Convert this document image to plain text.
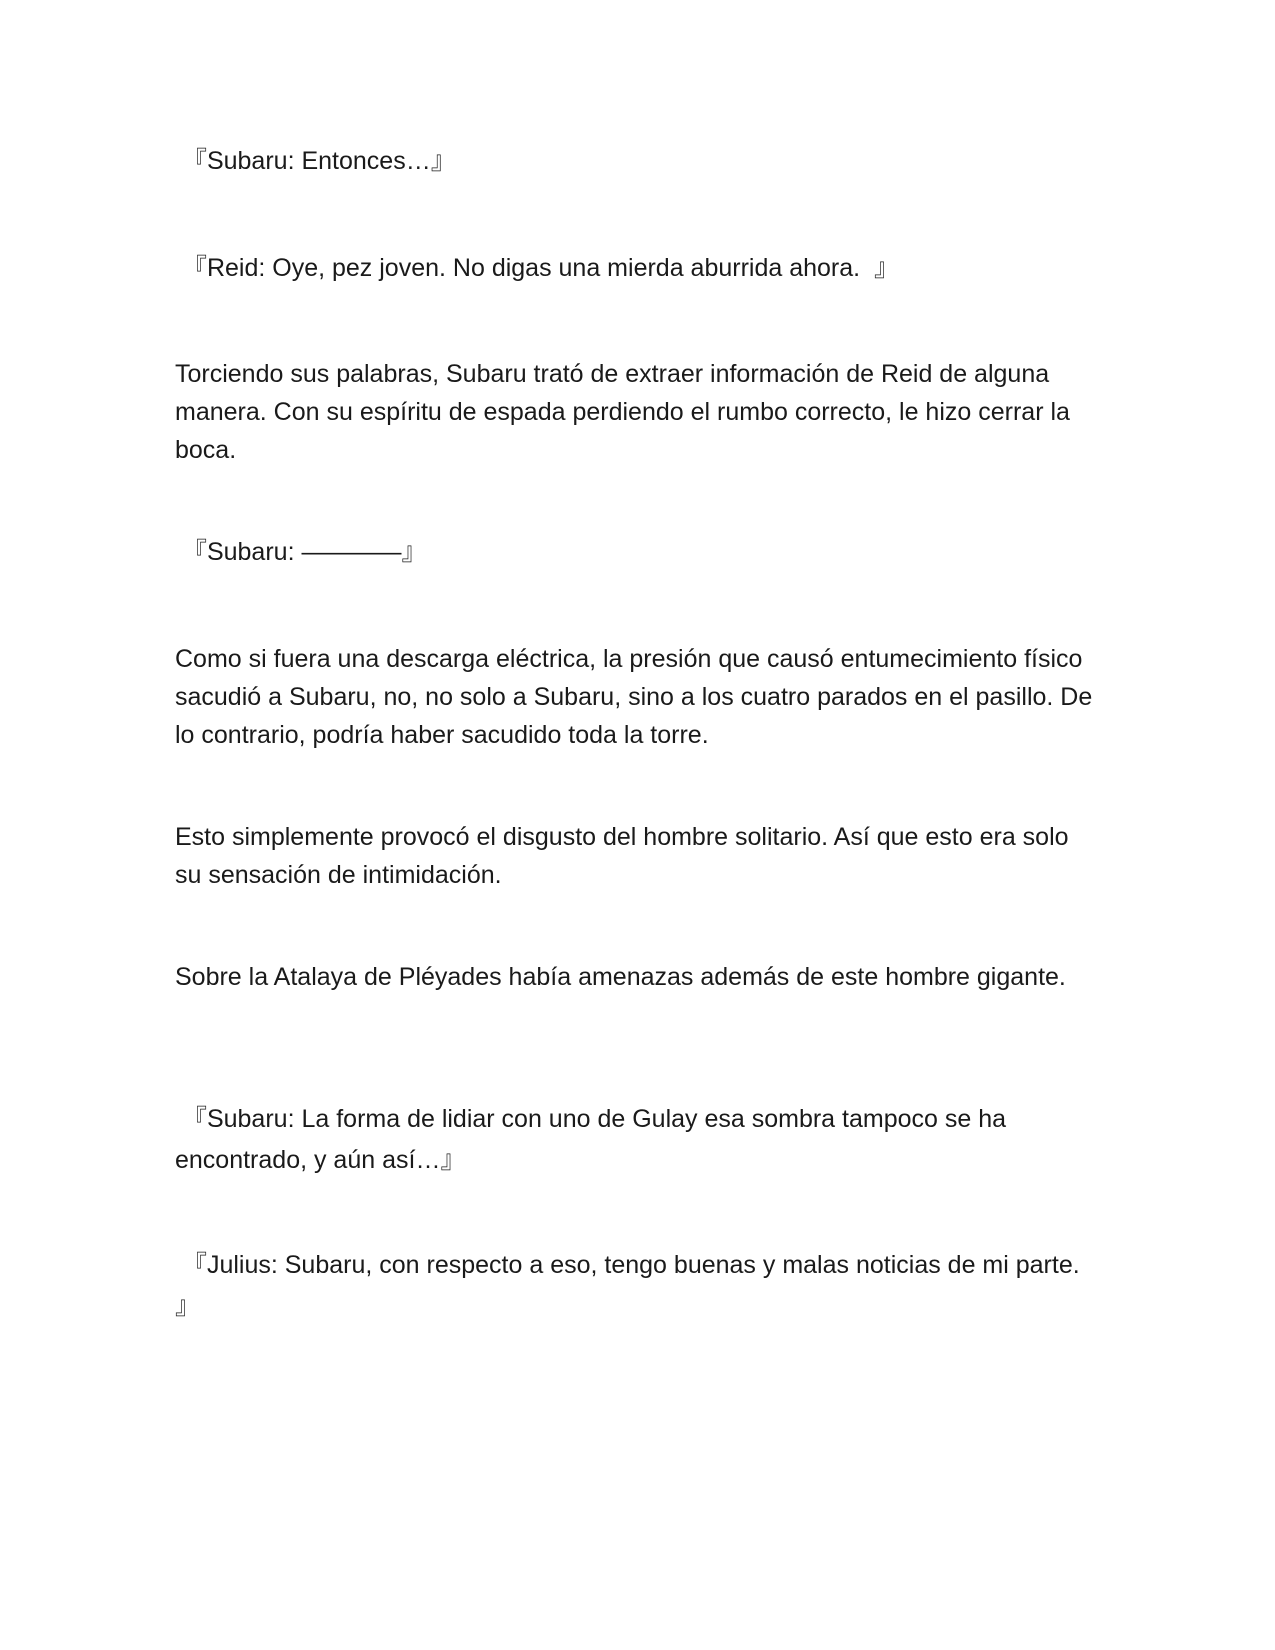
『Subaru: Entonces…』

『Reid: Oye, pez joven. No digas una mierda aburrida ahora.  』

Torciendo sus palabras, Subaru trató de extraer información de Reid de alguna manera. Con su espíritu de espada perdiendo el rumbo correcto, le hizo cerrar la boca.

『Subaru: ————』

Como si fuera una descarga eléctrica, la presión que causó entumecimiento físico sacudió a Subaru, no, no solo a Subaru, sino a los cuatro parados en el pasillo. De lo contrario, podría haber sacudido toda la torre.

Esto simplemente provocó el disgusto del hombre solitario. Así que esto era solo su sensación de intimidación.

Sobre la Atalaya de Pléyades había amenazas además de este hombre gigante.

『Subaru: La forma de lidiar con uno de Gulay esa sombra tampoco se ha encontrado, y aún así…』

『Julius: Subaru, con respecto a eso, tengo buenas y malas noticias de mi parte.  』
